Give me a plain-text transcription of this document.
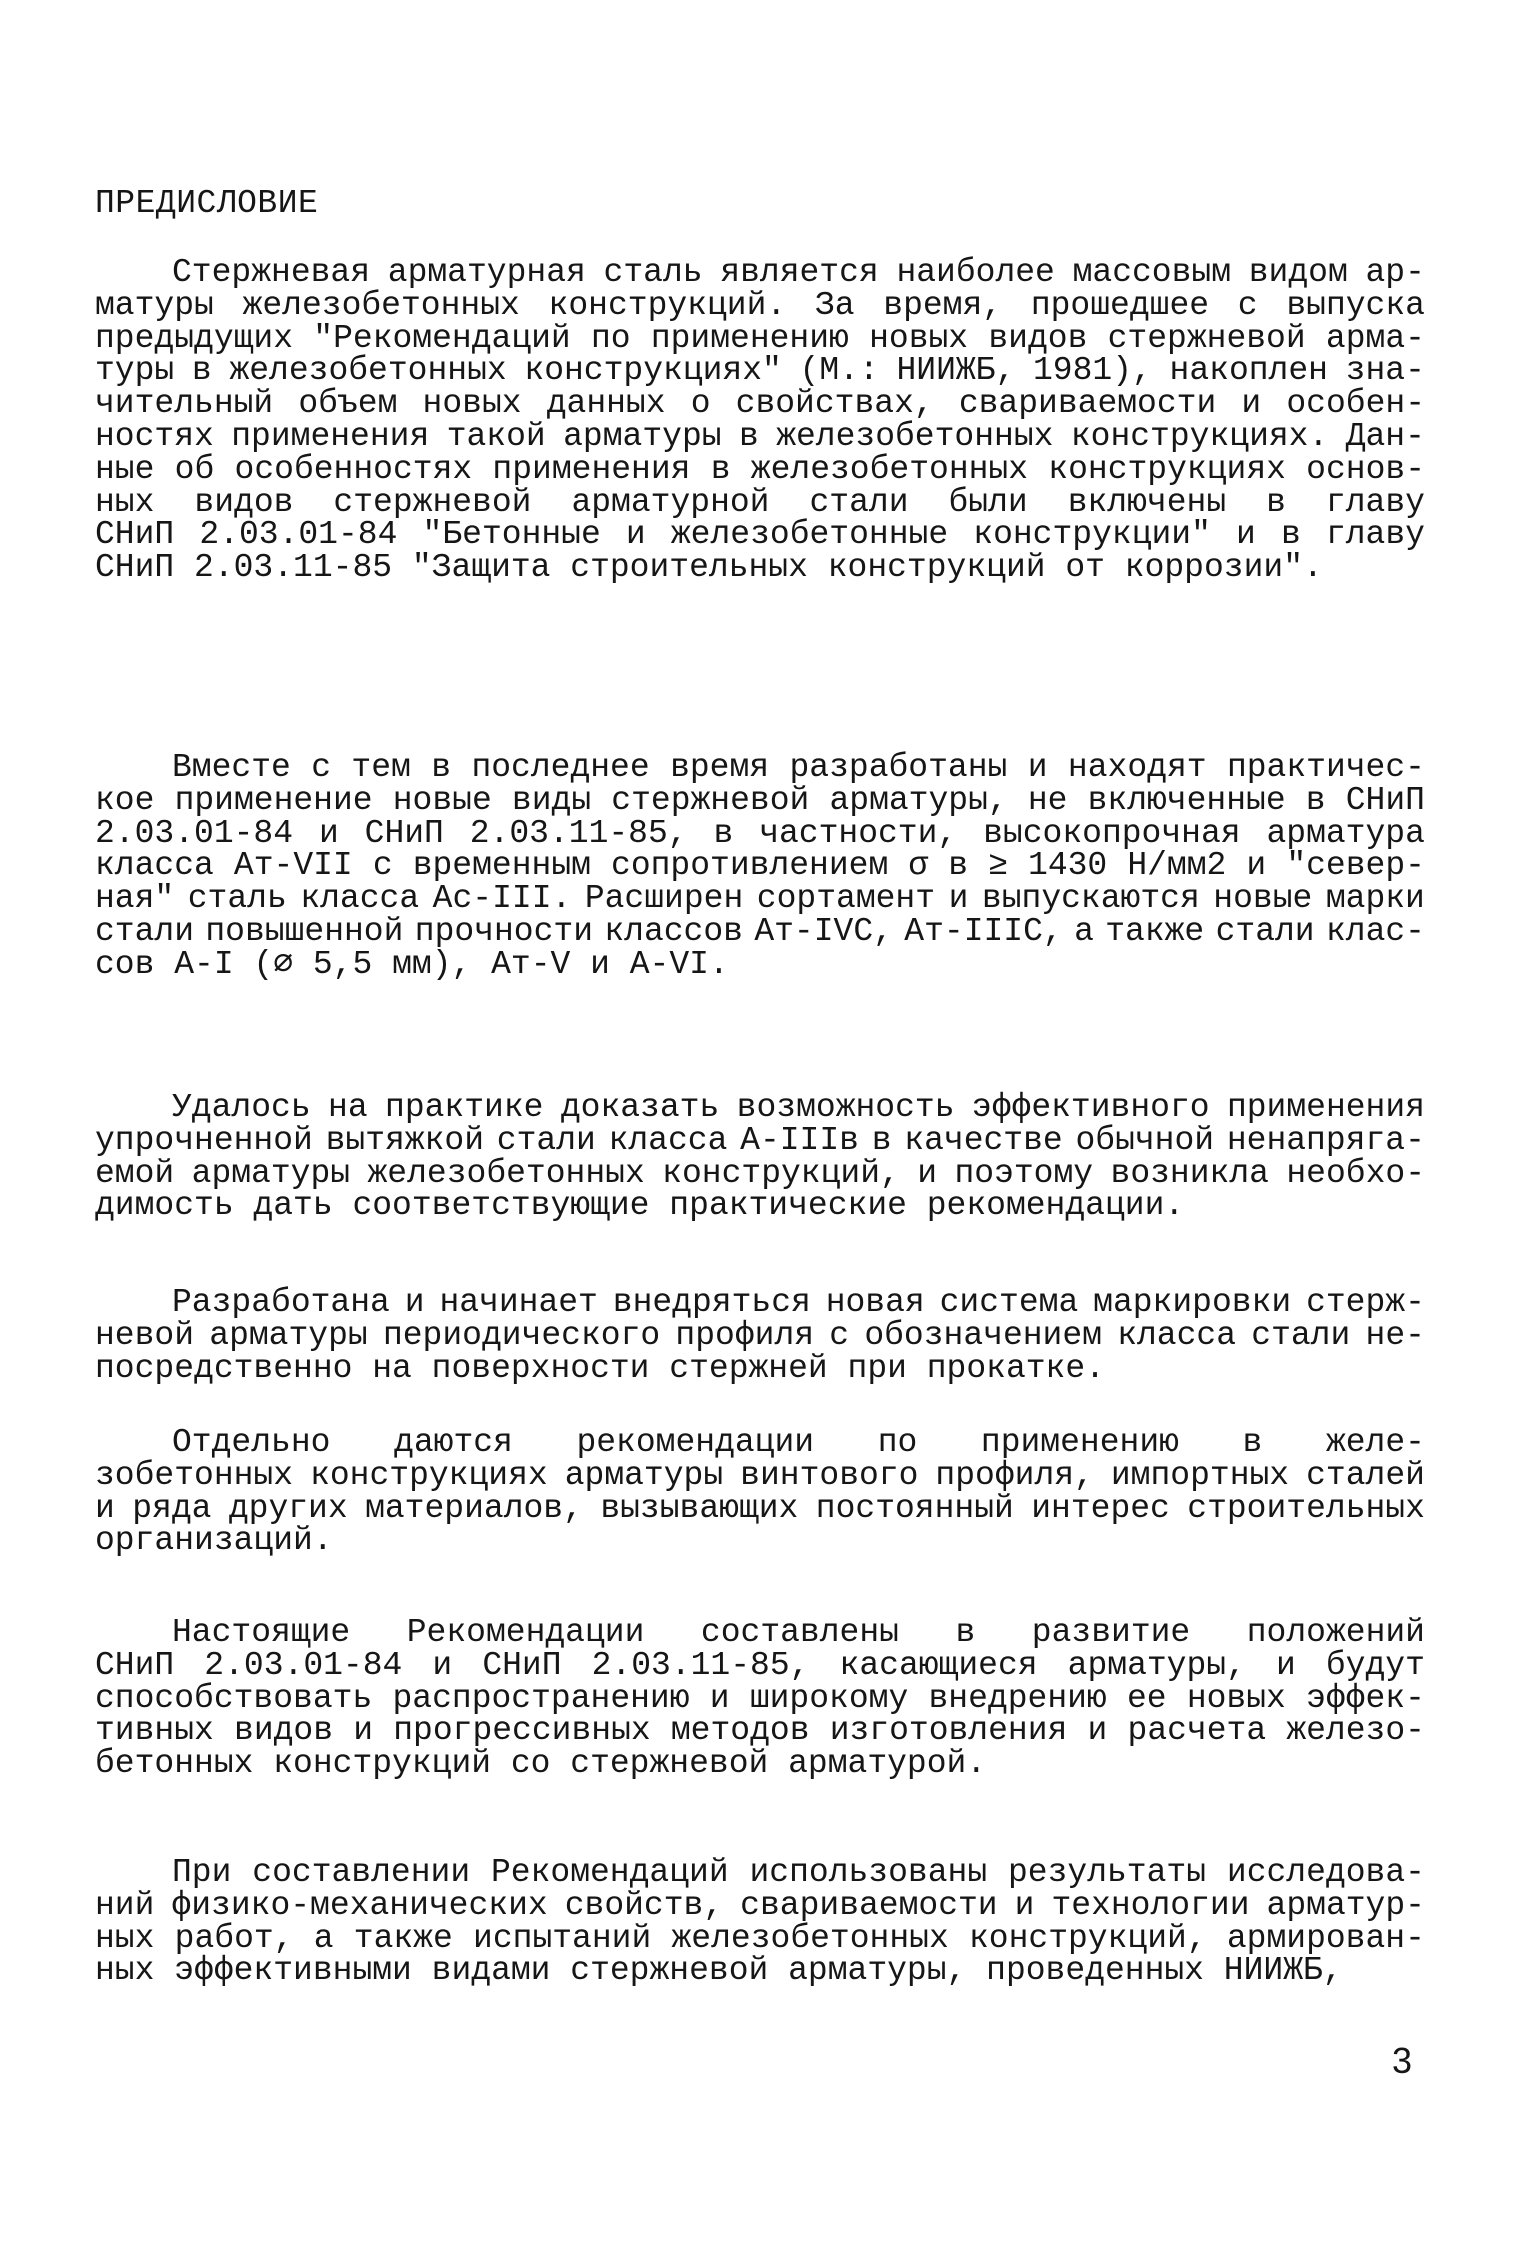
ПРЕДИСЛОВИЕ
Стержневая арматурная сталь является наиболее массовым видом ар-
матуры железобетонных конструкций. За время, прошедшее с выпуска
предыдущих "Рекомендаций по применению новых видов стержневой арма-
туры в железобетонных конструкциях" (М.: НИИЖБ, 1981), накоплен зна-
чительный объем новых данных о свойствах, свариваемости и особен-
ностях применения такой арматуры в железобетонных конструкциях. Дан-
ные об особенностях применения в железобетонных конструкциях основ-
ных видов стержневой арматурной стали были включены в главу
СНиП 2.03.01-84 "Бетонные и железобетонные конструкции" и в главу
СНиП 2.03.11-85 "Защита строительных конструкций от коррозии".
Вместе с тем в последнее время разработаны и находят практичес-
кое применение новые виды стержневой арматуры, не включенные в СНиП
2.03.01-84 и СНиП 2.03.11-85, в частности, высокопрочная арматура
класса Ат-VII с временным сопротивлением σ в ≥ 1430 Н/мм2 и "север-
ная" сталь класса Ас-III. Расширен сортамент и выпускаются новые марки
стали повышенной прочности классов Ат-IVС, Ат-IIIС, а также стали клас-
сов А-I (⌀ 5,5 мм), Ат-V и А-VI.
Удалось на практике доказать возможность эффективного применения
упрочненной вытяжкой стали класса А-IIIв в качестве обычной ненапряга-
емой арматуры железобетонных конструкций, и поэтому возникла необхо-
димость дать соответствующие практические рекомендации.
Разработана и начинает внедряться новая система маркировки стерж-
невой арматуры периодического профиля с обозначением класса стали не-
посредственно на поверхности стержней при прокатке.
Отдельно даются рекомендации по применению в желе-
зобетонных конструкциях арматуры винтового профиля, импортных сталей
и ряда других материалов, вызывающих постоянный интерес строительных
организаций.
Настоящие Рекомендации составлены в развитие положений
СНиП 2.03.01-84 и СНиП 2.03.11-85, касающиеся арматуры, и будут
способствовать распространению и широкому внедрению ее новых эффек-
тивных видов и прогрессивных методов изготовления и расчета железо-
бетонных конструкций со стержневой арматурой.
При составлении Рекомендаций использованы результаты исследова-
ний физико-механических свойств, свариваемости и технологии арматур-
ных работ, а также испытаний железобетонных конструкций, армирован-
ных эффективными видами стержневой арматуры, проведенных НИИЖБ,
3
